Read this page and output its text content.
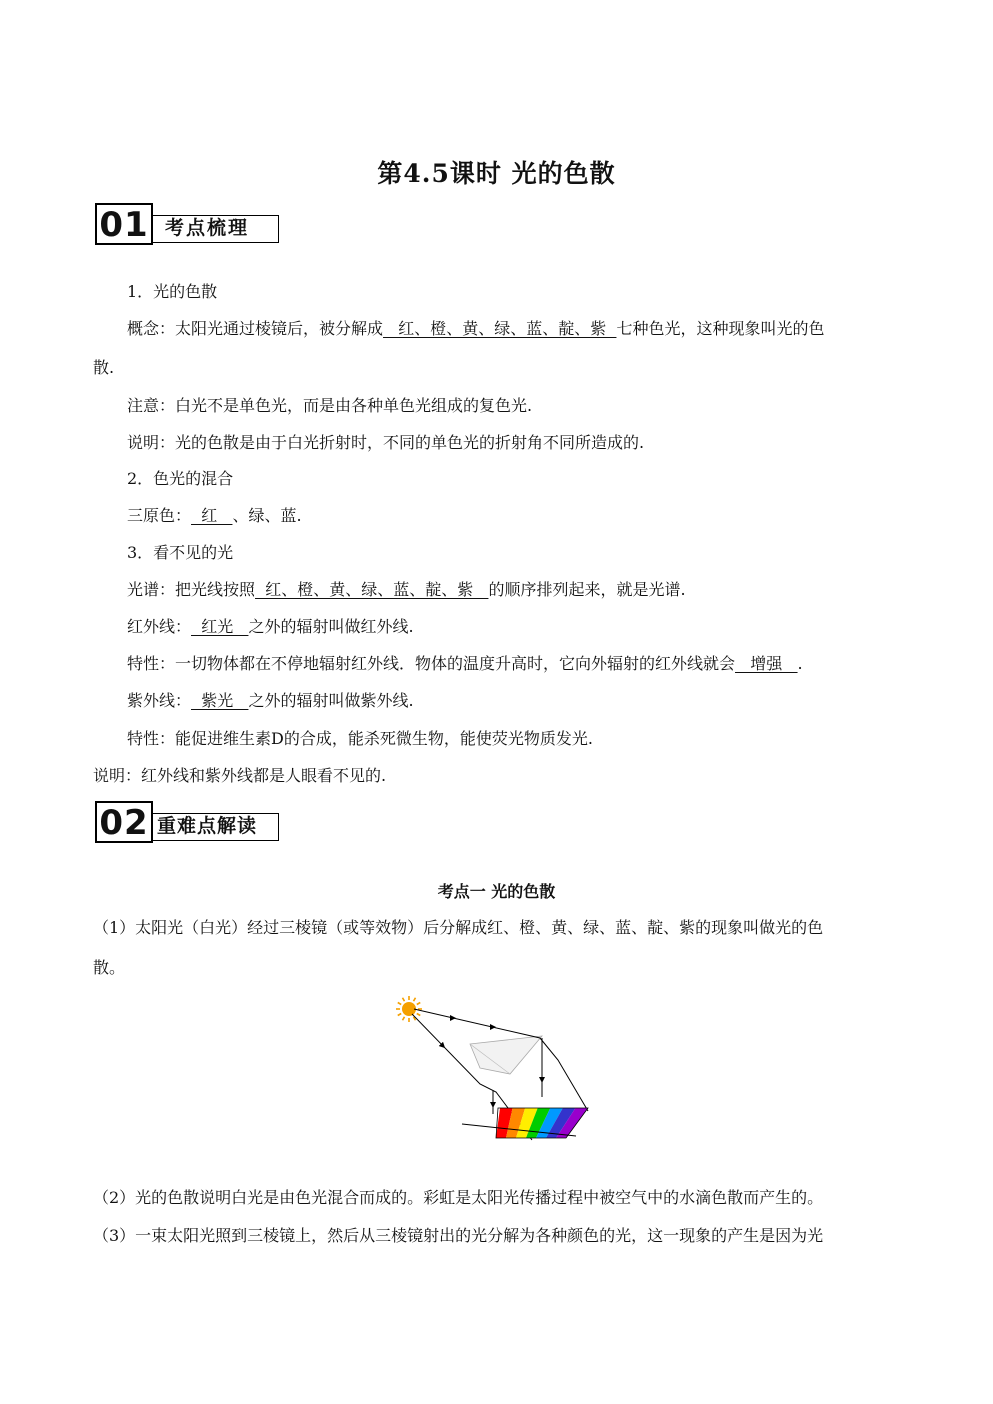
第4.5课时 光的色散
01 考点梳理
1．光的色散
概念：太阳光通过棱镜后，被分解成   红、橙、黄、绿、蓝、靛、紫  七种色光，这种现象叫光的色
散.
注意：白光不是单色光，而是由各种单色光组成的复色光.
说明：光的色散是由于白光折射时，不同的单色光的折射角不同所造成的.
2．色光的混合
三原色：  红   、绿、蓝.
3．看不见的光
光谱：把光线按照  红、橙、黄、绿、蓝、靛、紫   的顺序排列起来，就是光谱.
红外线：  红光   之外的辐射叫做红外线.
特性：一切物体都在不停地辐射红外线．物体的温度升高时，它向外辐射的红外线就会   增强   .
紫外线：  紫光   之外的辐射叫做紫外线.
特性：能促进维生素D的合成，能杀死微生物，能使荧光物质发光.
说明：红外线和紫外线都是人眼看不见的.
02 重难点解读
考点一 光的色散
（1）太阳光（白光）经过三棱镜（或等效物）后分解成红、橙、黄、绿、蓝、靛、紫的现象叫做光的色
散。
（2）光的色散说明白光是由色光混合而成的。彩虹是太阳光传播过程中被空气中的水滴色散而产生的。
（3）一束太阳光照到三棱镜上，然后从三棱镜射出的光分解为各种颜色的光，这一现象的产生是因为光
